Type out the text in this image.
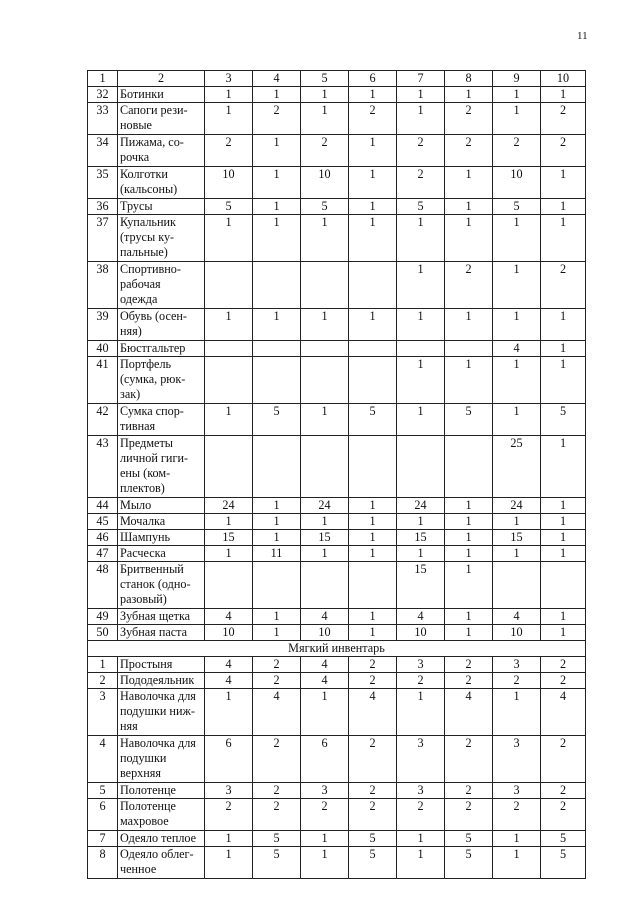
11
1	2	3	4	5	6	7	8	9	10
32	Ботинки	1	1	1	1	1	1	1	1
33	Сапоги рези-
новые	1	2	1	2	1	2	1	2
34	Пижама, со-
рочка	2	1	2	1	2	2	2	2
35	Колготки
(кальсоны)	10	1	10	1	2	1	10	1
36	Трусы	5	1	5	1	5	1	5	1
37	Купальник
(трусы ку-
пальные)	1	1	1	1	1	1	1	1
38	Спортивно-
рабочая
одежда					1	2	1	2
39	Обувь (осен-
няя)	1	1	1	1	1	1	1	1
40	Бюстгальтер							4	1
41	Портфель
(сумка, рюк-
зак)					1	1	1	1
42	Сумка спор-
тивная	1	5	1	5	1	5	1	5
43	Предметы
личной гиги-
ены (ком-
плектов)							25	1
44	Мыло	24	1	24	1	24	1	24	1
45	Мочалка	1	1	1	1	1	1	1	1
46	Шампунь	15	1	15	1	15	1	15	1
47	Расческа	1	11	1	1	1	1	1	1
48	Бритвенный
станок (одно-
разовый)					15	1		
49	Зубная щетка	4	1	4	1	4	1	4	1
50	Зубная паста	10	1	10	1	10	1	10	1
Мягкий инвентарь									
1	Простыня	4	2	4	2	3	2	3	2
2	Пододеяльник	4	2	4	2	2	2	2	2
3	Наволочка для
подушки ниж-
няя	1	4	1	4	1	4	1	4
4	Наволочка для
подушки
верхняя	6	2	6	2	3	2	3	2
5	Полотенце	3	2	3	2	3	2	3	2
6	Полотенце
махровое	2	2	2	2	2	2	2	2
7	Одеяло теплое	1	5	1	5	1	5	1	5
8	Одеяло облег-
ченное	1	5	1	5	1	5	1	5
